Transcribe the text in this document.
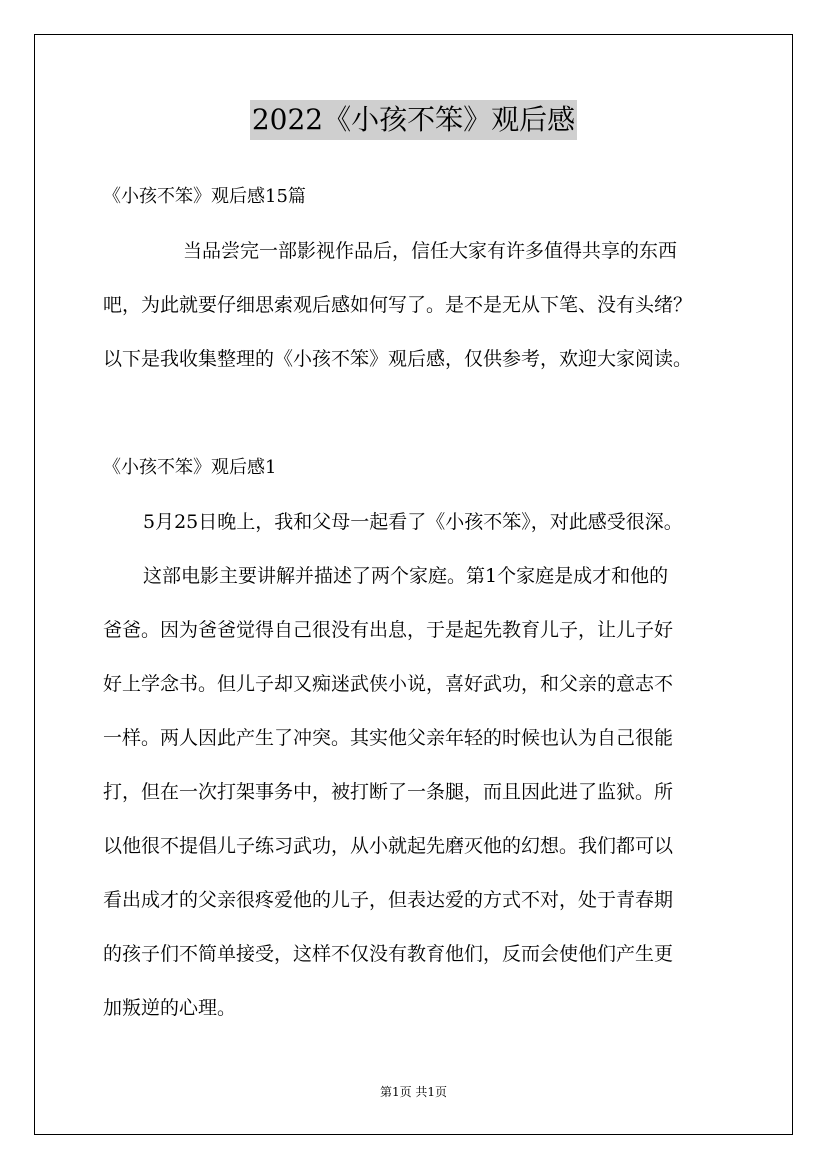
2022《小孩不笨》观后感
《小孩不笨》观后感15篇
当品尝完一部影视作品后，信任大家有许多值得共享的东西
吧，为此就要仔细思索观后感如何写了。是不是无从下笔、没有头绪？
以下是我收集整理的《小孩不笨》观后感，仅供参考，欢迎大家阅读。
《小孩不笨》观后感1
5月25日晚上，我和父母一起看了《小孩不笨》，对此感受很深。
这部电影主要讲解并描述了两个家庭。第1个家庭是成才和他的
爸爸。因为爸爸觉得自己很没有出息，于是起先教育儿子，让儿子好
好上学念书。但儿子却又痴迷武侠小说，喜好武功，和父亲的意志不
一样。两人因此产生了冲突。其实他父亲年轻的时候也认为自己很能
打，但在一次打架事务中，被打断了一条腿，而且因此进了监狱。所
以他很不提倡儿子练习武功，从小就起先磨灭他的幻想。我们都可以
看出成才的父亲很疼爱他的儿子，但表达爱的方式不对，处于青春期
的孩子们不简单接受，这样不仅没有教育他们，反而会使他们产生更
加叛逆的心理。
第1页 共1页
